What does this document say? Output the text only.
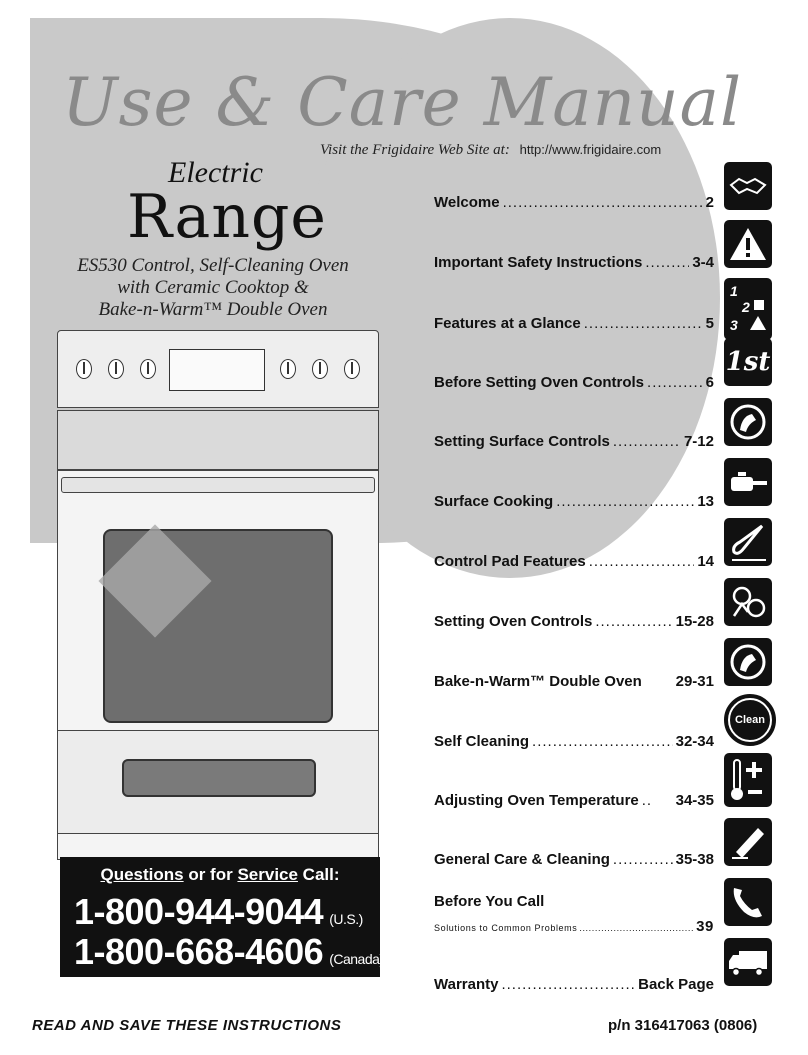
Use & Care Manual
Visit the Frigidaire Web Site at: http://www.frigidaire.com
Electric
Range
ES530 Control, Self-Cleaning Oven
with Ceramic Cooktop &
Bake-n-Warm™ Double Oven
Welcome .....	2
Important Safety Instructions .....	3-4
Features at a Glance .....	5
Before Setting Oven Controls .....	6
Setting Surface Controls .....	7-12
Surface Cooking .....	13
Control Pad Features .....	14
Setting Oven Controls .....	15-28
Bake-n-Warm™ Double Oven 29-31
Self Cleaning .....	32-34
Adjusting Oven Temperature ..... 34-35
General Care & Cleaning .....	35-38
Before You Call
Solutions to Common Problems .....	39
Warranty .....	Back Page
1
2
3
1st
Clean
Questions or for Service Call:
1-800-944-9044 (U.S.)
1-800-668-4606 (Canada)
READ AND SAVE THESE INSTRUCTIONS	p/n 316417063 (0806)
